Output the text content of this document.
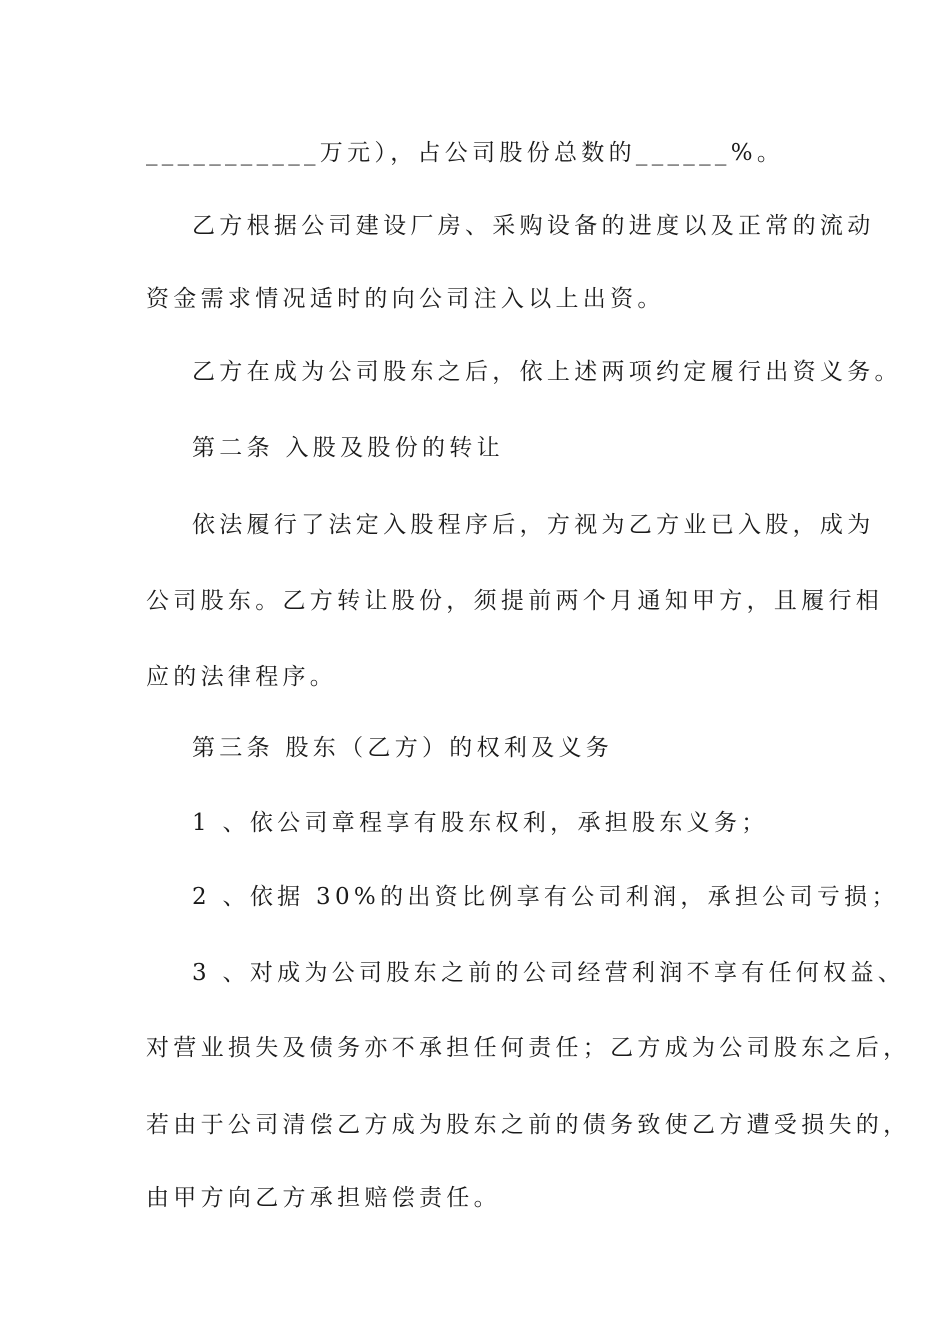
___________万元），占公司股份总数的______%。
乙方根据公司建设厂房、采购设备的进度以及正常的流动
资金需求情况适时的向公司注入以上出资。
乙方在成为公司股东之后，依上述两项约定履行出资义务。
第二条 入股及股份的转让
依法履行了法定入股程序后，方视为乙方业已入股，成为
公司股东。乙方转让股份，须提前两个月通知甲方，且履行相
应的法律程序。
第三条 股东（乙方）的权利及义务
1 、依公司章程享有股东权利，承担股东义务；
2 、依据 30%的出资比例享有公司利润，承担公司亏损；
3 、对成为公司股东之前的公司经营利润不享有任何权益、
对营业损失及债务亦不承担任何责任；乙方成为公司股东之后，
若由于公司清偿乙方成为股东之前的债务致使乙方遭受损失的，
由甲方向乙方承担赔偿责任。
